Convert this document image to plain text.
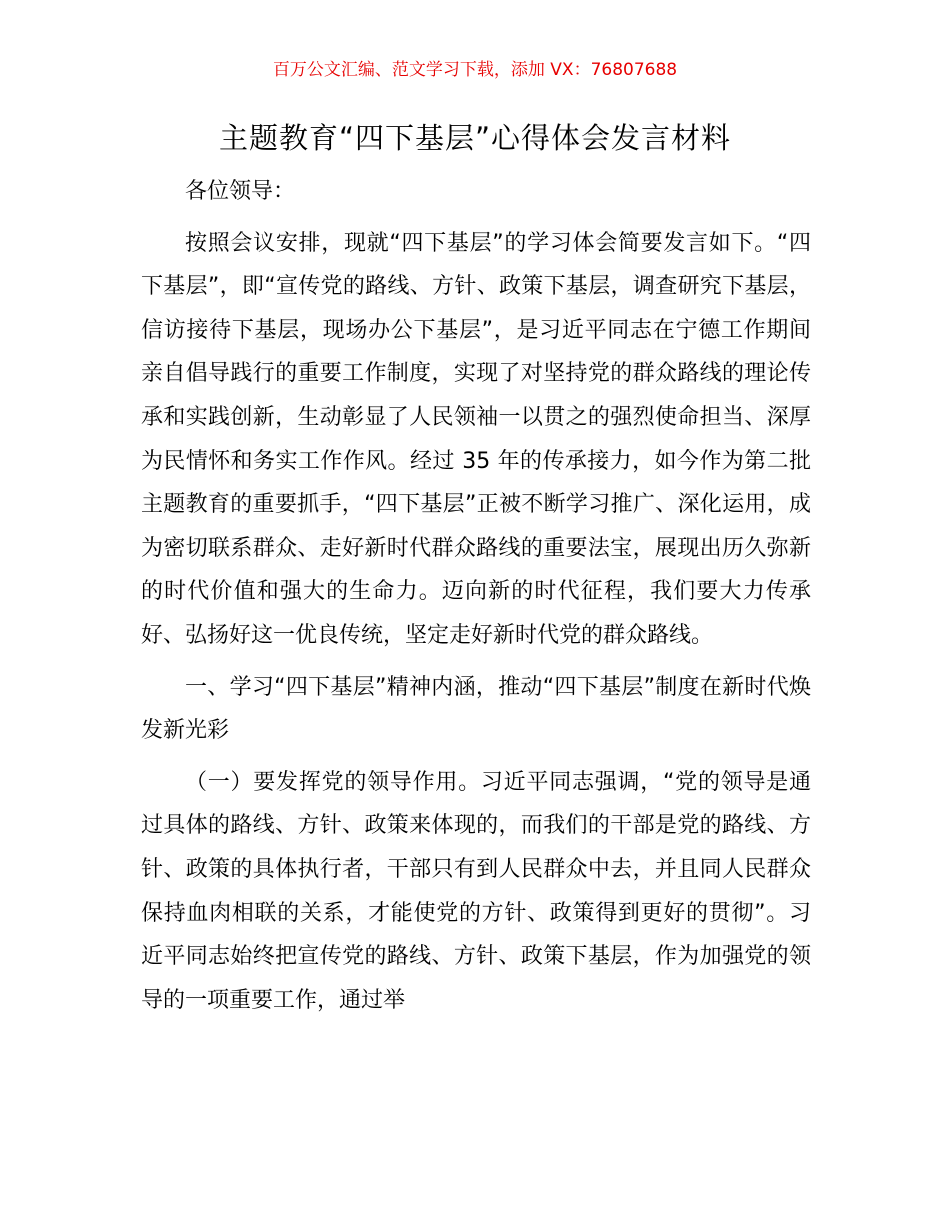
百万公文汇编、范文学习下载，添加 VX：76807688
主题教育“四下基层”心得体会发言材料

各位领导：

按照会议安排，现就“四下基层”的学习体会简要发言如下。“四下基层”，即“宣传党的路线、方针、政策下基层，调查研究下基层，信访接待下基层，现场办公下基层”，是习近平同志在宁德工作期间亲自倡导践行的重要工作制度，实现了对坚持党的群众路线的理论传承和实践创新，生动彰显了人民领袖一以贯之的强烈使命担当、深厚为民情怀和务实工作作风。经过 35 年的传承接力，如今作为第二批主题教育的重要抓手，“四下基层”正被不断学习推广、深化运用，成为密切联系群众、走好新时代群众路线的重要法宝，展现出历久弥新的时代价值和强大的生命力。迈向新的时代征程，我们要大力传承好、弘扬好这一优良传统，坚定走好新时代党的群众路线。

一、学习“四下基层”精神内涵，推动“四下基层”制度在新时代焕发新光彩

（一）要发挥党的领导作用。习近平同志强调，“党的领导是通过具体的路线、方针、政策来体现的，而我们的干部是党的路线、方针、政策的具体执行者，干部只有到人民群众中去，并且同人民群众保持血肉相联的关系，才能使党的方针、政策得到更好的贯彻”。习近平同志始终把宣传党的路线、方针、政策下基层，作为加强党的领导的一项重要工作，通过举
